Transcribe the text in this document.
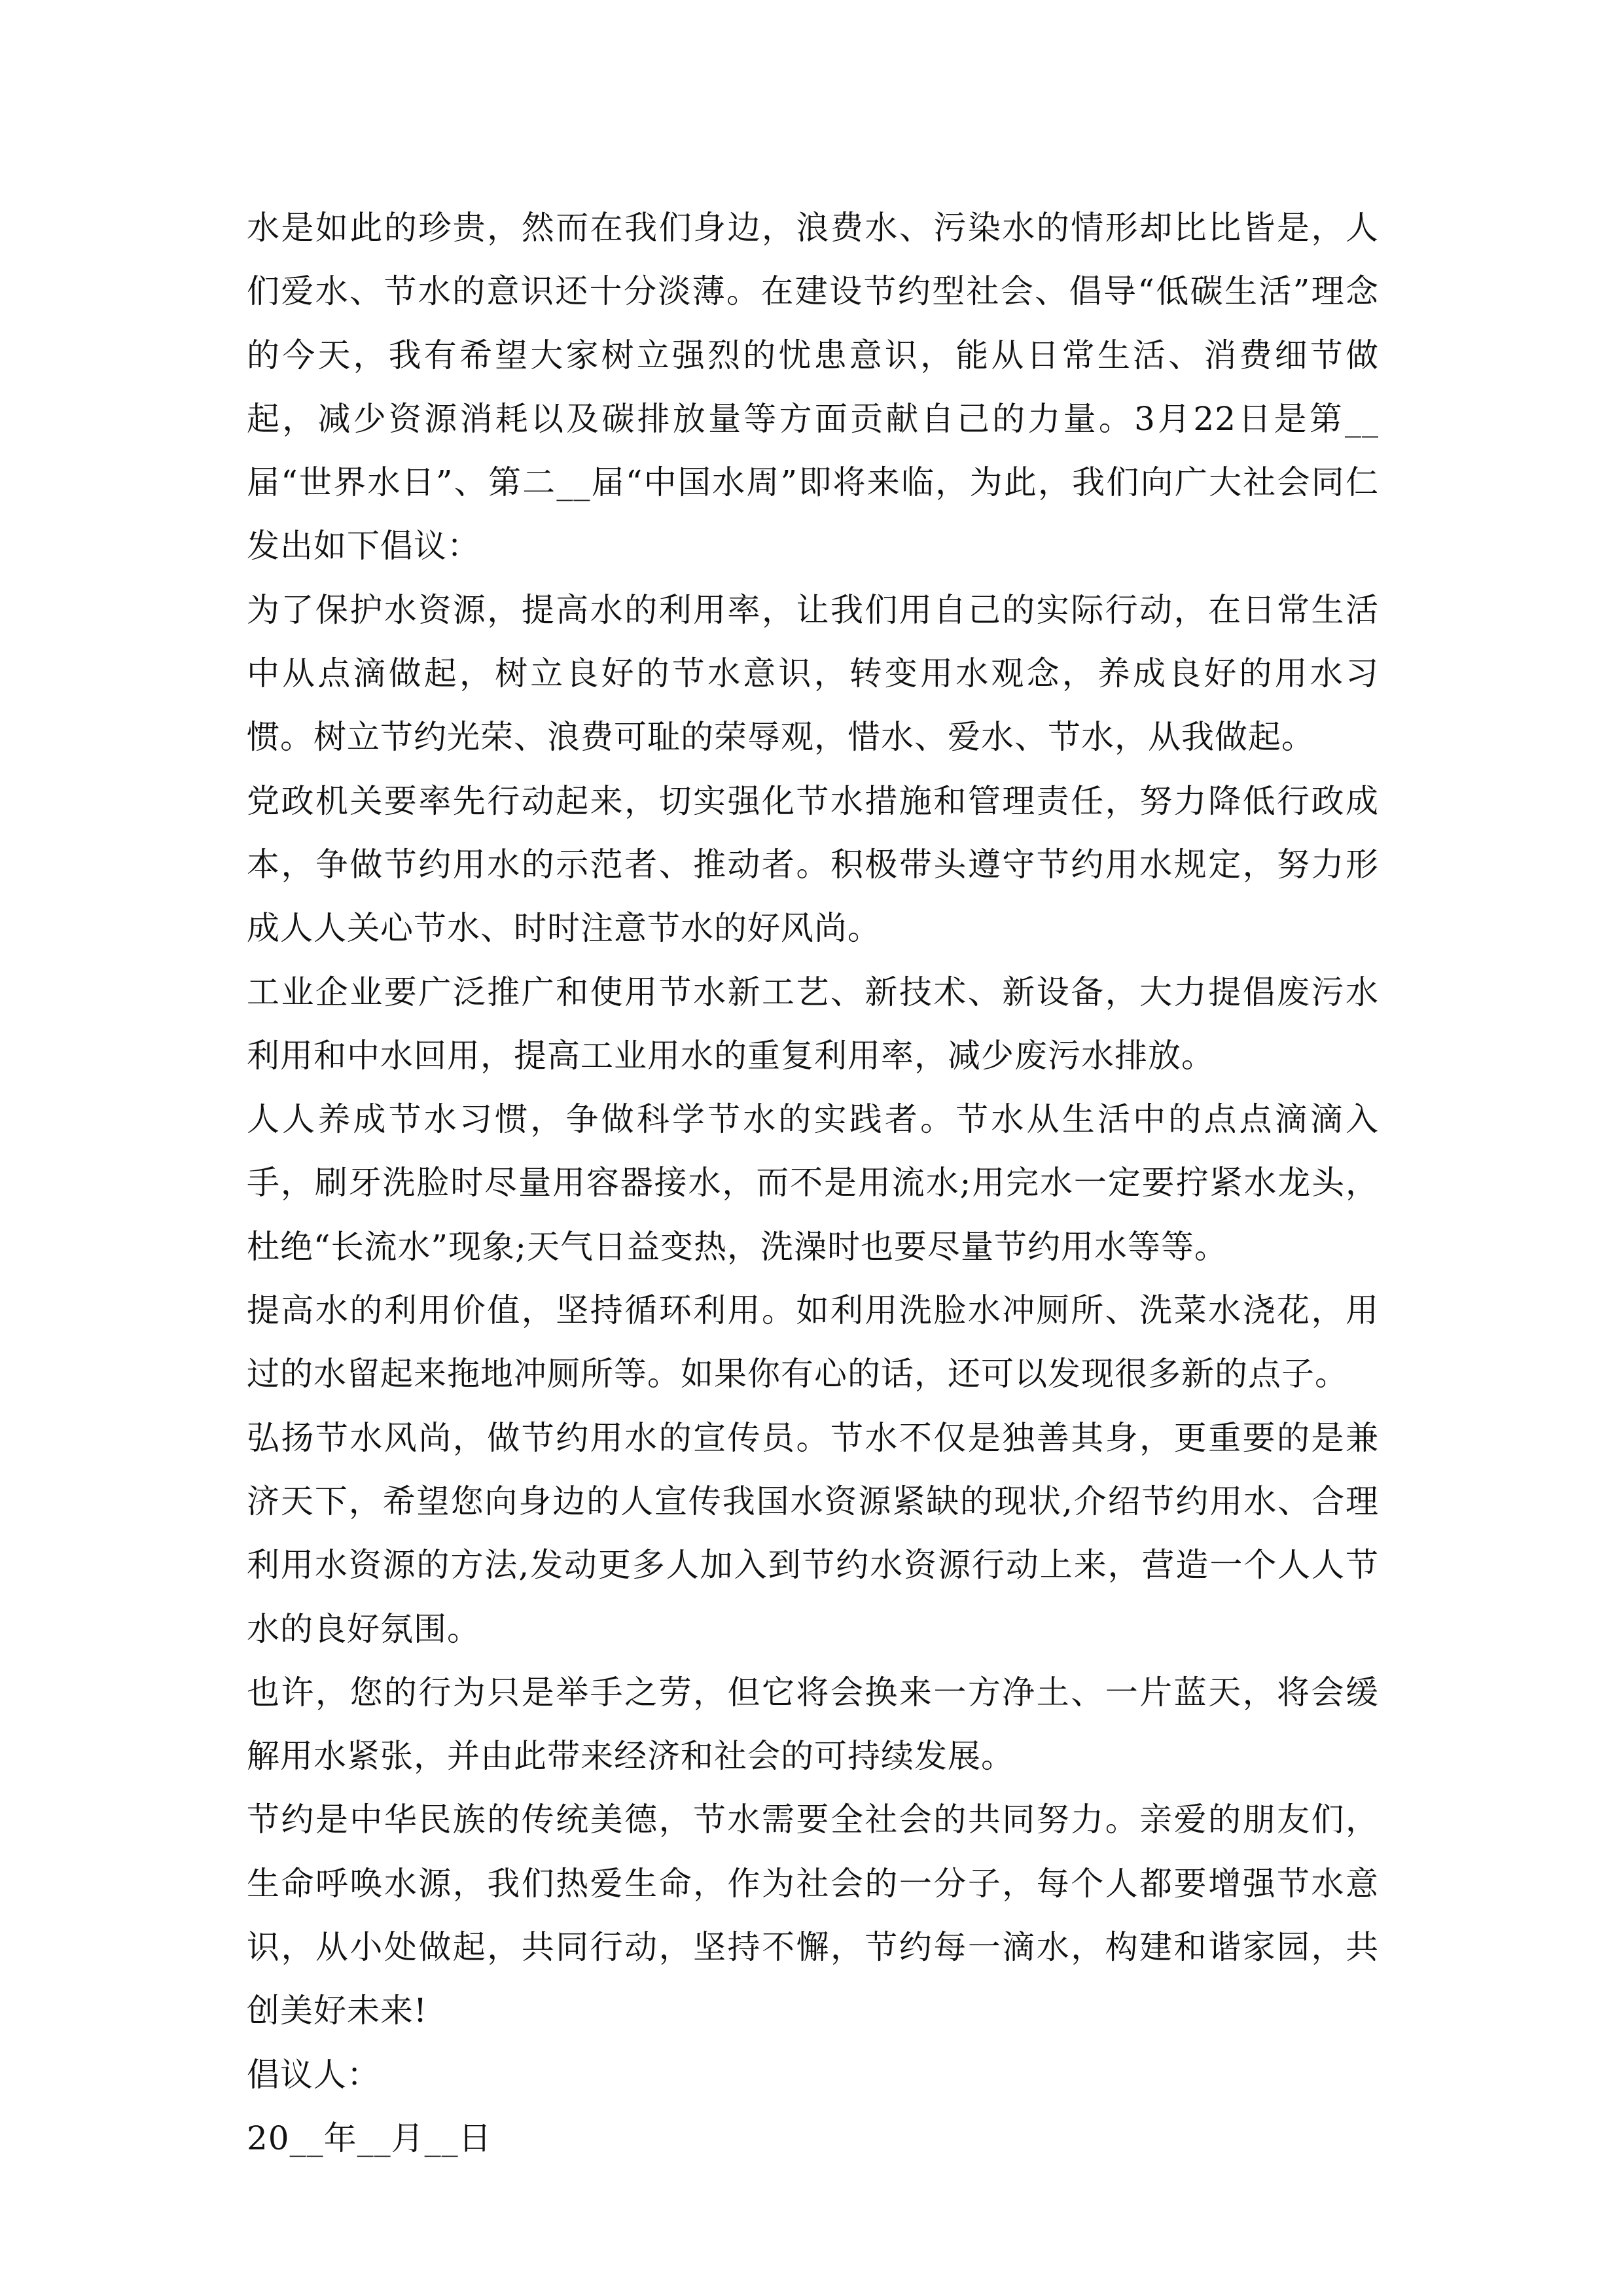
水是如此的珍贵，然而在我们身边，浪费水、污染水的情形却比比皆是，人们爱水、节水的意识还十分淡薄。在建设节约型社会、倡导“低碳生活”理念的今天，我有希望大家树立强烈的忧患意识，能从日常生活、消费细节做起，减少资源消耗以及碳排放量等方面贡献自己的力量。3月22日是第__届“世界水日”、第二__届“中国水周”即将来临，为此，我们向广大社会同仁发出如下倡议：

为了保护水资源，提高水的利用率，让我们用自己的实际行动，在日常生活中从点滴做起，树立良好的节水意识，转变用水观念，养成良好的用水习惯。树立节约光荣、浪费可耻的荣辱观，惜水、爱水、节水，从我做起。

党政机关要率先行动起来，切实强化节水措施和管理责任，努力降低行政成本，争做节约用水的示范者、推动者。积极带头遵守节约用水规定，努力形成人人关心节水、时时注意节水的好风尚。

工业企业要广泛推广和使用节水新工艺、新技术、新设备，大力提倡废污水利用和中水回用，提高工业用水的重复利用率，减少废污水排放。

人人养成节水习惯，争做科学节水的实践者。节水从生活中的点点滴滴入手，刷牙洗脸时尽量用容器接水，而不是用流水;用完水一定要拧紧水龙头，杜绝“长流水”现象;天气日益变热，洗澡时也要尽量节约用水等等。

提高水的利用价值，坚持循环利用。如利用洗脸水冲厕所、洗菜水浇花，用过的水留起来拖地冲厕所等。如果你有心的话，还可以发现很多新的点子。

弘扬节水风尚，做节约用水的宣传员。节水不仅是独善其身，更重要的是兼济天下，希望您向身边的人宣传我国水资源紧缺的现状,介绍节约用水、合理利用水资源的方法,发动更多人加入到节约水资源行动上来，营造一个人人节水的良好氛围。

也许，您的行为只是举手之劳，但它将会换来一方净土、一片蓝天，将会缓解用水紧张，并由此带来经济和社会的可持续发展。

节约是中华民族的传统美德，节水需要全社会的共同努力。亲爱的朋友们，生命呼唤水源，我们热爱生命，作为社会的一分子，每个人都要增强节水意识，从小处做起，共同行动，坚持不懈，节约每一滴水，构建和谐家园，共创美好未来!

倡议人：

20__年__月__日
